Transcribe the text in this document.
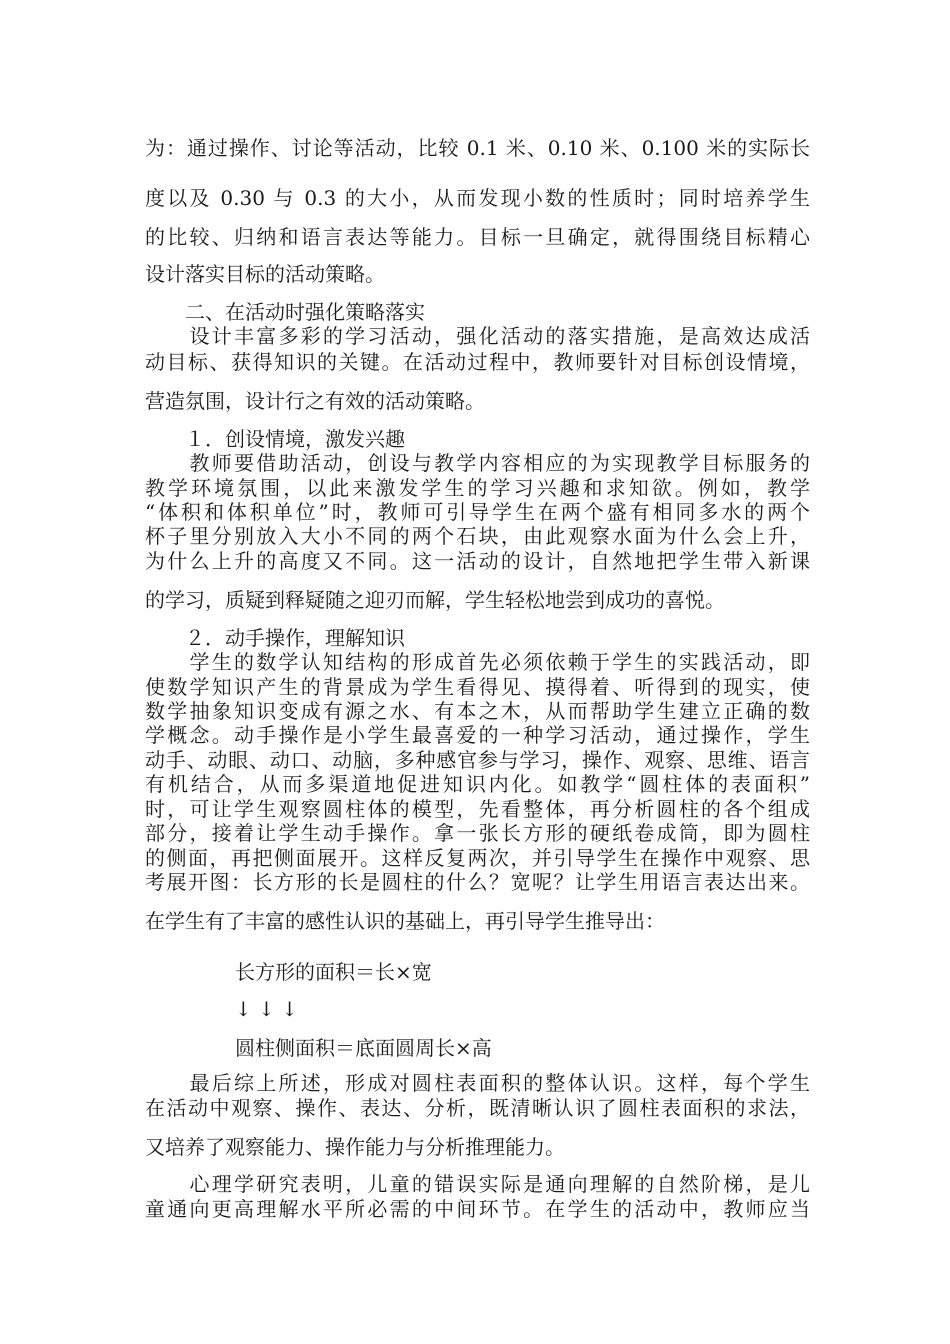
为：通过操作、讨论等活动，比较 0.1 米、0.10 米、0.100 米的实际长
度以及 0.30 与 0.3 的大小，从而发现小数的性质时；同时培养学生
的比较、归纳和语言表达等能力。目标一旦确定，就得围绕目标精心
设计落实目标的活动策略。
　　二、在活动时强化策略落实
　　设计丰富多彩的学习活动，强化活动的落实措施，是高效达成活
动目标、获得知识的关键。在活动过程中，教师要针对目标创设情境，
营造氛围，设计行之有效的活动策略。
　　１．创设情境，激发兴趣
　　教师要借助活动，创设与教学内容相应的为实现教学目标服务的
教学环境氛围，以此来激发学生的学习兴趣和求知欲。例如，教学
“体积和体积单位”时，教师可引导学生在两个盛有相同多水的两个
杯子里分别放入大小不同的两个石块，由此观察水面为什么会上升，
为什么上升的高度又不同。这一活动的设计，自然地把学生带入新课
的学习，质疑到释疑随之迎刃而解，学生轻松地尝到成功的喜悦。
　　２．动手操作，理解知识
　　学生的数学认知结构的形成首先必须依赖于学生的实践活动，即
使数学知识产生的背景成为学生看得见、摸得着、听得到的现实，使
数学抽象知识变成有源之水、有本之木，从而帮助学生建立正确的数
学概念。动手操作是小学生最喜爱的一种学习活动，通过操作，学生
动手、动眼、动口、动脑，多种感官参与学习，操作、观察、思维、语言
有机结合，从而多渠道地促进知识内化。如教学“圆柱体的表面积”
时，可让学生观察圆柱体的模型，先看整体，再分析圆柱的各个组成
部分，接着让学生动手操作。拿一张长方形的硬纸卷成筒，即为圆柱
的侧面，再把侧面展开。这样反复两次，并引导学生在操作中观察、思
考展开图：长方形的长是圆柱的什么？宽呢？让学生用语言表达出来。
在学生有了丰富的感性认识的基础上，再引导学生推导出：
长方形的面积＝长×宽
↓ ↓ ↓
圆柱侧面积＝底面圆周长×高
　　最后综上所述，形成对圆柱表面积的整体认识。这样，每个学生
在活动中观察、操作、表达、分析，既清晰认识了圆柱表面积的求法，
又培养了观察能力、操作能力与分析推理能力。
　　心理学研究表明，儿童的错误实际是通向理解的自然阶梯，是儿
童通向更高理解水平所必需的中间环节。在学生的活动中，教师应当
